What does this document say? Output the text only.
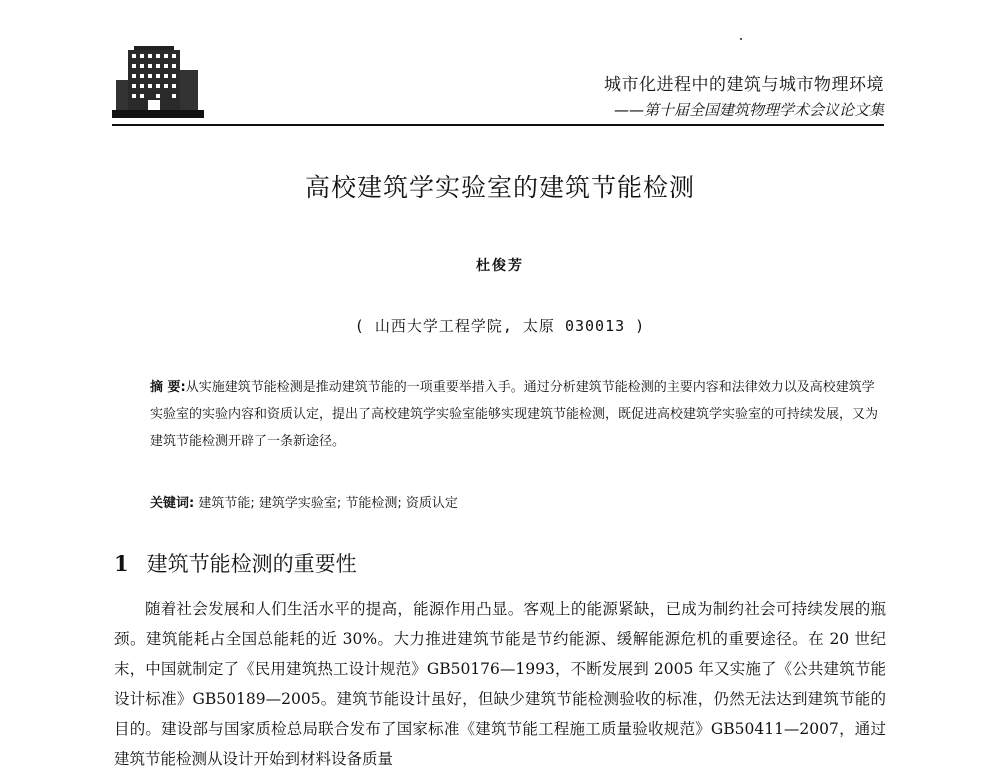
城市化进程中的建筑与城市物理环境
——第十届全国建筑物理学术会议论文集
高校建筑学实验室的建筑节能检测
杜俊芳
( 山西大学工程学院, 太原 030013 )
摘 要:从实施建筑节能检测是推动建筑节能的一项重要举措入手。通过分析建筑节能检测的主要内容和法律效力以及高校建筑学实验室的实验内容和资质认定，提出了高校建筑学实验室能够实现建筑节能检测，既促进高校建筑学实验室的可持续发展，又为建筑节能检测开辟了一条新途径。
关键词: 建筑节能; 建筑学实验室; 节能检测; 资质认定
1 建筑节能检测的重要性

随着社会发展和人们生活水平的提高，能源作用凸显。客观上的能源紧缺，已成为制约社会可持续发展的瓶颈。建筑能耗占全国总能耗的近 30%。大力推进建筑节能是节约能源、缓解能源危机的重要途径。在 20 世纪末，中国就制定了《民用建筑热工设计规范》GB50176—1993，不断发展到 2005 年又实施了《公共建筑节能设计标准》GB50189—2005。建筑节能设计虽好，但缺少建筑节能检测验收的标准，仍然无法达到建筑节能的目的。建设部与国家质检总局联合发布了国家标准《建筑节能工程施工质量验收规范》GB50411—2007，通过建筑节能检测从设计开始到材料设备质量
